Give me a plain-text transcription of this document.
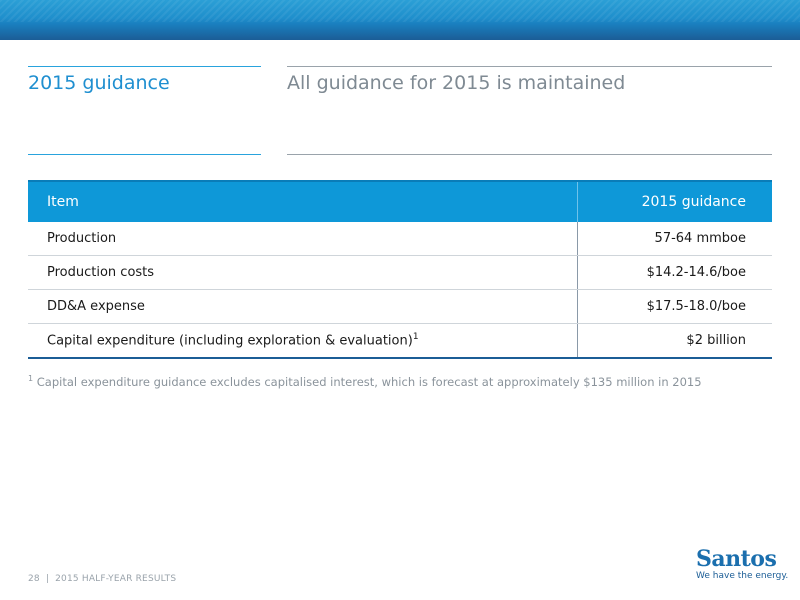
2015 guidance	All guidance for 2015 is maintained
Item	2015 guidance
Production	57-64 mmboe
Production costs	$14.2-14.6/boe
DD&A expense	$17.5-18.0/boe
Capital expenditure (including exploration & evaluation)$^1$	$2 billion
$^1$ Capital expenditure guidance excludes capitalised interest, which is forecast at approximately $135 million in 2015
28 | 2015 HALF-YEAR RESULTS
Santos
We have the energy.
